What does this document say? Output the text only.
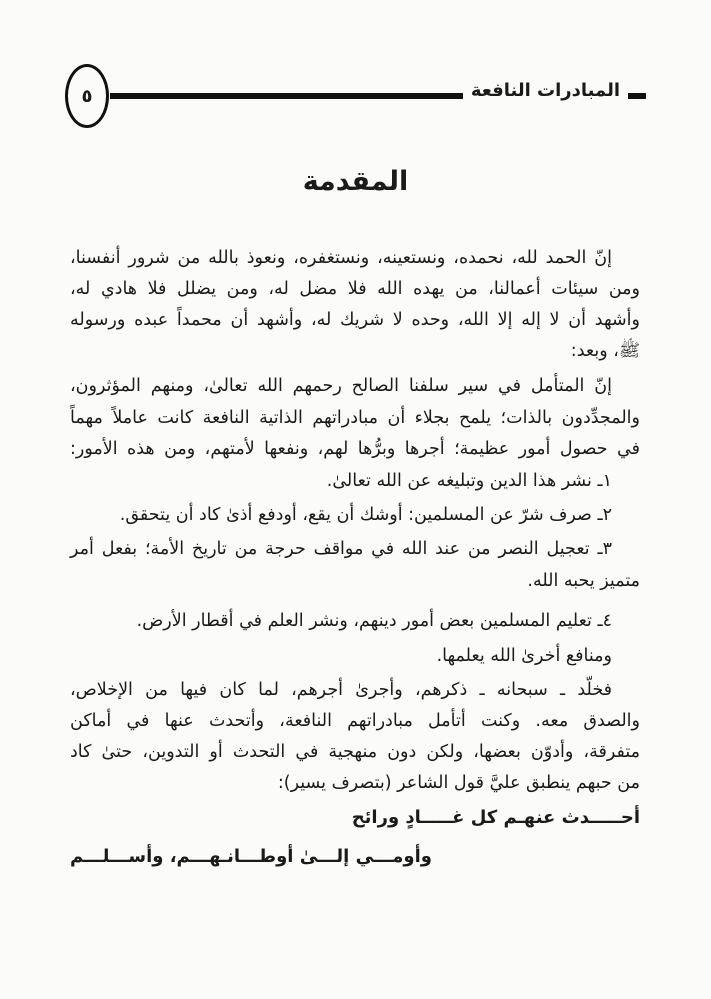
المبادرات النافعة
٥
المقدمة
إنّ الحمد لله، نحمده، ونستعينه، ونستغفره، ونعوذ بالله من شرور أنفسنا،
ومن سيئات أعمالنا، من يهده الله فلا مضل له، ومن يضلل فلا هادي له،
وأشهد أن لا إله إلا الله، وحده لا شريك له، وأشهد أن محمداً عبده ورسوله
ﷺ، وبعد:
إنّ المتأمل في سير سلفنا الصالح رحمهم الله تعالىٰ، ومنهم المؤثرون،
والمجدِّدون بالذات؛ يلمح بجلاء أن مبادراتهم الذاتية النافعة كانت عاملاً مهماً
في حصول أمور عظيمة؛ أجرها وبرُّها لهم، ونفعها لأمتهم، ومن هذه الأمور:
١ـ نشر هذا الدين وتبليغه عن الله تعالىٰ.
٢ـ صرف شرّ عن المسلمين: أوشك أن يقع، أودفع أذىٰ كاد أن يتحقق.
٣ـ تعجيل النصر من عند الله في مواقف حرجة من تاريخ الأمة؛ بفعل أمر
متميز يحبه الله.
٤ـ تعليم المسلمين بعض أمور دينهم، ونشر العلم في أقطار الأرض.
ومنافع أخرىٰ الله يعلمها.
فخلّد ـ سبحانه ـ ذكرهم، وأجرىٰ أجرهم، لما كان فيها من الإخلاص،
والصدق معه. وكنت أتأمل مبادراتهم النافعة، وأتحدث عنها في أماكن
متفرقة، وأدوّن بعضها، ولكن دون منهجية في التحدث أو التدوين، حتىٰ كاد
من حبهم ينطبق عليَّ قول الشاعر (بتصرف يسير):
أحـــــدث عنهـم كل غـــــادٍ ورائح
وأومـــي إلـــىٰ أوطـــانـهـــم، وأســـلـــم
